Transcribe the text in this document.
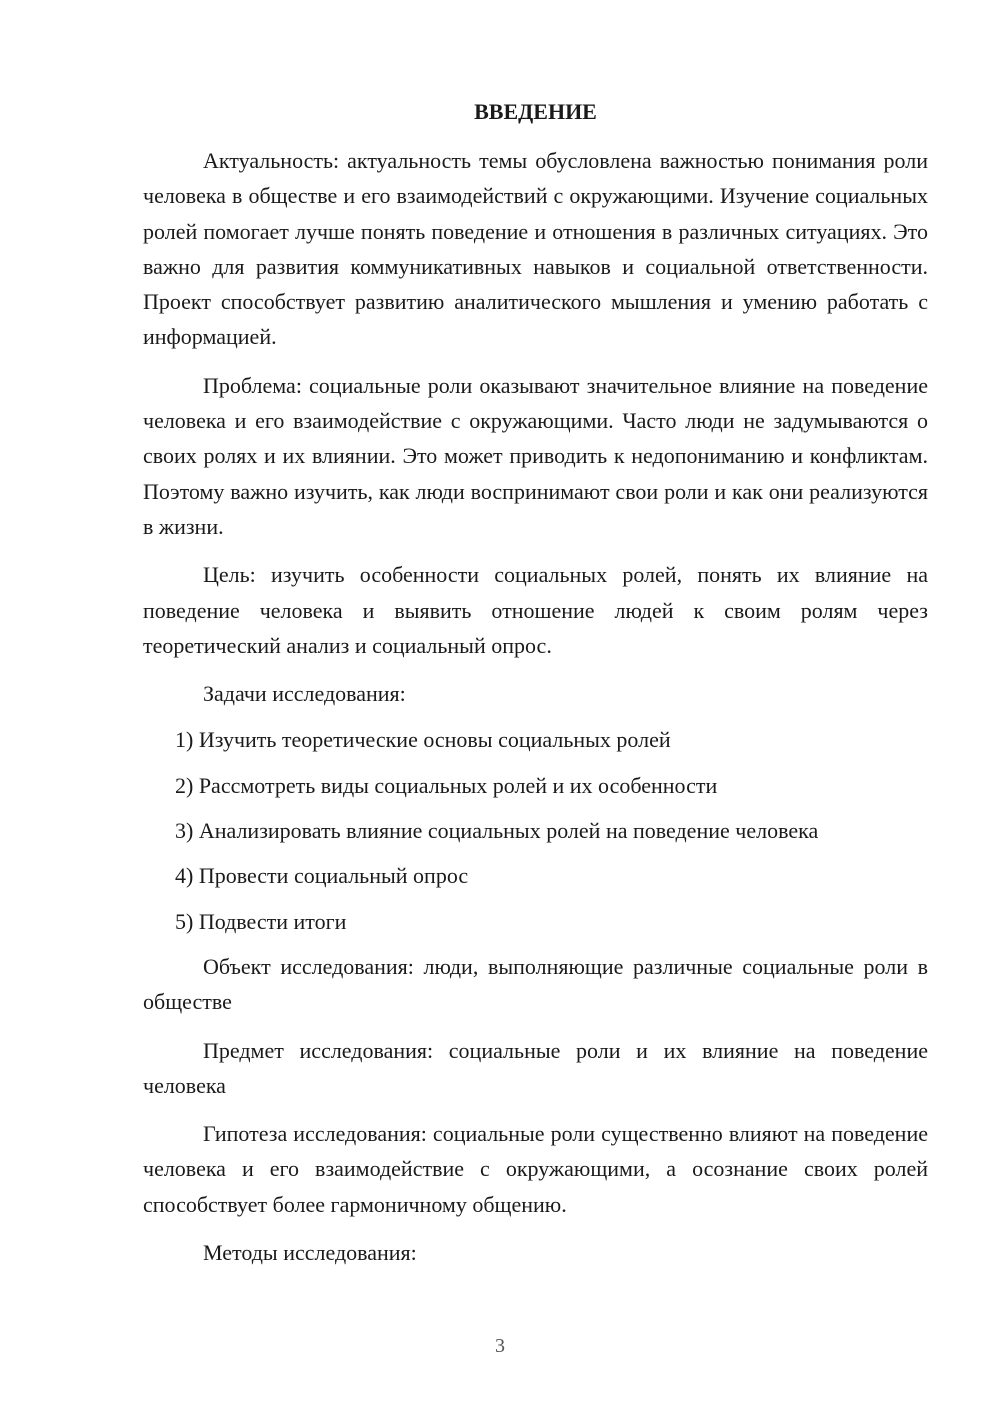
ВВЕДЕНИЕ

Актуальность: актуальность темы обусловлена важностью понимания роли человека в обществе и его взаимодействий с окружающими. Изучение социальных ролей помогает лучше понять поведение и отношения в различных ситуациях. Это важно для развития коммуникативных навыков и социальной ответственности. Проект способствует развитию аналитического мышления и умению работать с информацией.

Проблема: социальные роли оказывают значительное влияние на поведение человека и его взаимодействие с окружающими. Часто люди не задумываются о своих ролях и их влиянии. Это может приводить к недопониманию и конфликтам. Поэтому важно изучить, как люди воспринимают свои роли и как они реализуются в жизни.

Цель: изучить особенности социальных ролей, понять их влияние на поведение человека и выявить отношение людей к своим ролям через теоретический анализ и социальный опрос.

Задачи исследования:

1) Изучить теоретические основы социальных ролей
2) Рассмотреть виды социальных ролей и их особенности
3) Анализировать влияние социальных ролей на поведение человека
4) Провести социальный опрос
5) Подвести итоги

Объект исследования: люди, выполняющие различные социальные роли в обществе

Предмет исследования: социальные роли и их влияние на поведение человека

Гипотеза исследования: социальные роли существенно влияют на поведение человека и его взаимодействие с окружающими, а осознание своих ролей способствует более гармоничному общению.

Методы исследования:

3
